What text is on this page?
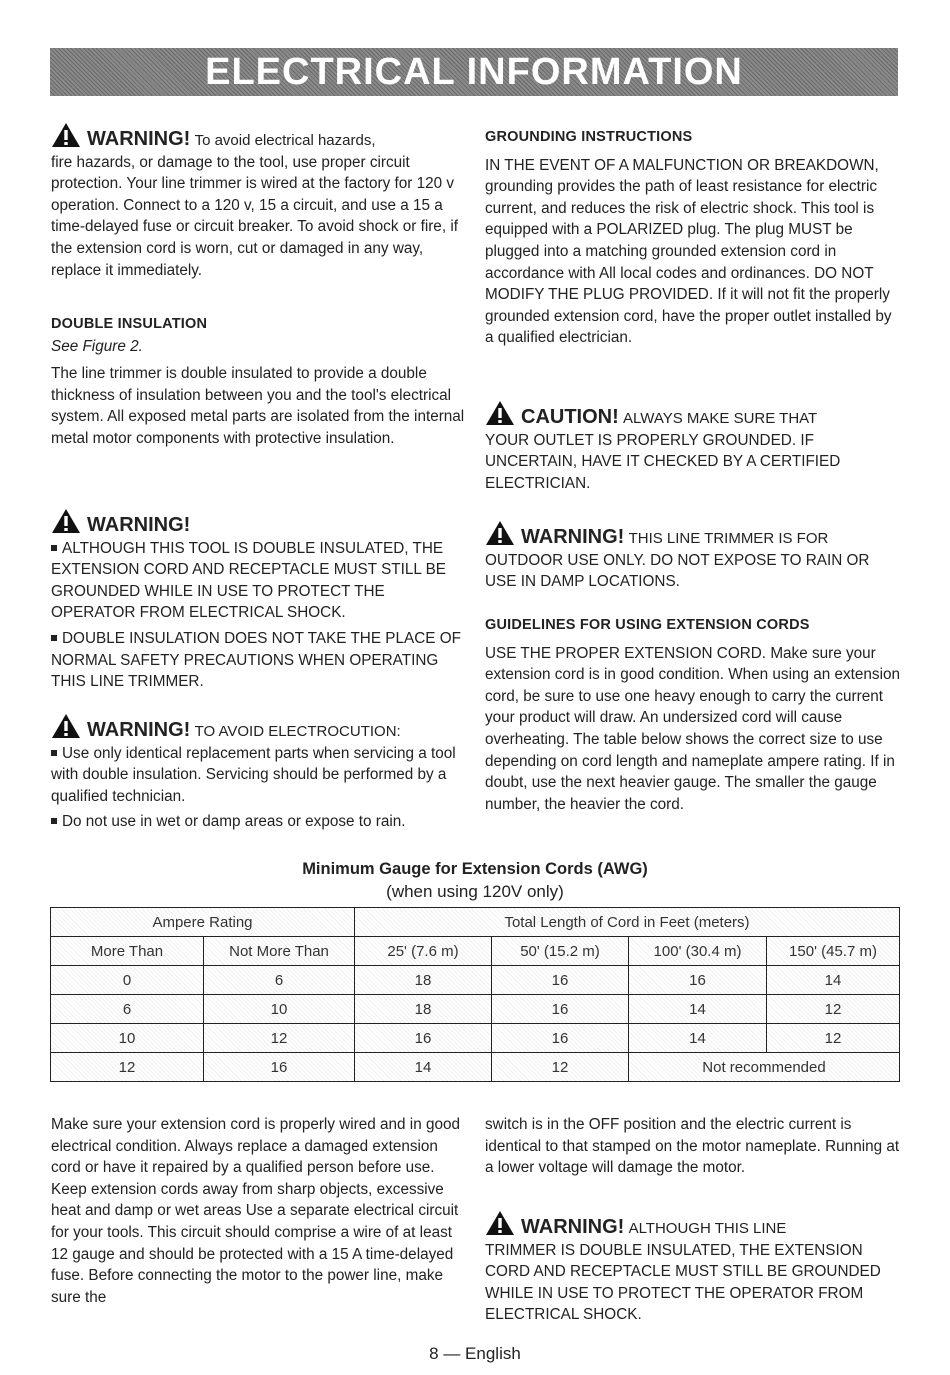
ELECTRICAL INFORMATION

WARNING! To avoid electrical hazards,

fire hazards, or damage to the tool, use proper circuit protection. Your line trimmer is wired at the factory for 120 v operation. Connect to a 120 v, 15 a circuit, and use a 15 a time-delayed fuse or circuit breaker. To avoid shock or fire, if the extension cord is worn, cut or damaged in any way, replace it immediately.

DOUBLE INSULATION

See Figure 2.

The line trimmer is double insulated to provide a double thickness of insulation between you and the tool's electrical system. All exposed metal parts are isolated from the internal metal motor components with protective insulation.

WARNING!

ALTHOUGH THIS TOOL IS DOUBLE INSULATED, THE EXTENSION CORD AND RECEPTACLE MUST STILL BE GROUNDED WHILE IN USE TO PROTECT THE OPERATOR FROM ELECTRICAL SHOCK.

DOUBLE INSULATION DOES NOT TAKE THE PLACE OF NORMAL SAFETY PRECAUTIONS WHEN OPERATING THIS LINE TRIMMER.

WARNING! TO AVOID ELECTROCUTION:

Use only identical replacement parts when servicing a tool with double insulation. Servicing should be performed by a qualified technician.

Do not use in wet or damp areas or expose to rain.

GROUNDING INSTRUCTIONS

IN THE EVENT OF A MALFUNCTION OR BREAKDOWN, grounding provides the path of least resistance for electric current, and reduces the risk of electric shock. This tool is equipped with a POLARIZED plug. The plug MUST be plugged into a matching grounded extension cord in accordance with All local codes and ordinances. DO NOT MODIFY THE PLUG PROVIDED. If it will not fit the properly grounded extension cord, have the proper outlet installed by a qualified electrician.

CAUTION! ALWAYS MAKE SURE THAT

YOUR OUTLET IS PROPERLY GROUNDED. IF UNCERTAIN, HAVE IT CHECKED BY A CERTIFIED ELECTRICIAN.

WARNING! THIS LINE TRIMMER IS FOR

OUTDOOR USE ONLY. DO NOT EXPOSE TO RAIN OR USE IN DAMP LOCATIONS.

GUIDELINES FOR USING EXTENSION CORDS

USE THE PROPER EXTENSION CORD. Make sure your extension cord is in good condition. When using an extension cord, be sure to use one heavy enough to carry the current your product will draw. An undersized cord will cause overheating. The table below shows the correct size to use depending on cord length and nameplate ampere rating. If in doubt, use the next heavier gauge. The smaller the gauge number, the heavier the cord.

Minimum Gauge for Extension Cords (AWG)
(when using 120V only)
Ampere Rating		Total Length of Cord in Feet (meters)			
More Than	Not More Than	25' (7.6 m)	50' (15.2 m)	100' (30.4 m)	150' (45.7 m)
0	6	18	16	16	14
6	10	18	16	14	12
10	12	16	16	14	12
12	16	14	12	Not recommended	

Make sure your extension cord is properly wired and in good electrical condition. Always replace a damaged extension cord or have it repaired by a qualified person before use. Keep extension cords away from sharp objects, excessive heat and damp or wet areas Use a separate electrical circuit for your tools. This circuit should comprise a wire of at least 12 gauge and should be protected with a 15 A time-delayed fuse. Before connecting the motor to the power line, make sure the

switch is in the OFF position and the electric current is identical to that stamped on the motor nameplate. Running at a lower voltage will damage the motor.

WARNING! ALTHOUGH THIS LINE

TRIMMER IS DOUBLE INSULATED, THE EXTENSION CORD AND RECEPTACLE MUST STILL BE GROUNDED WHILE IN USE TO PROTECT THE OPERATOR FROM ELECTRICAL SHOCK.

8 — English
